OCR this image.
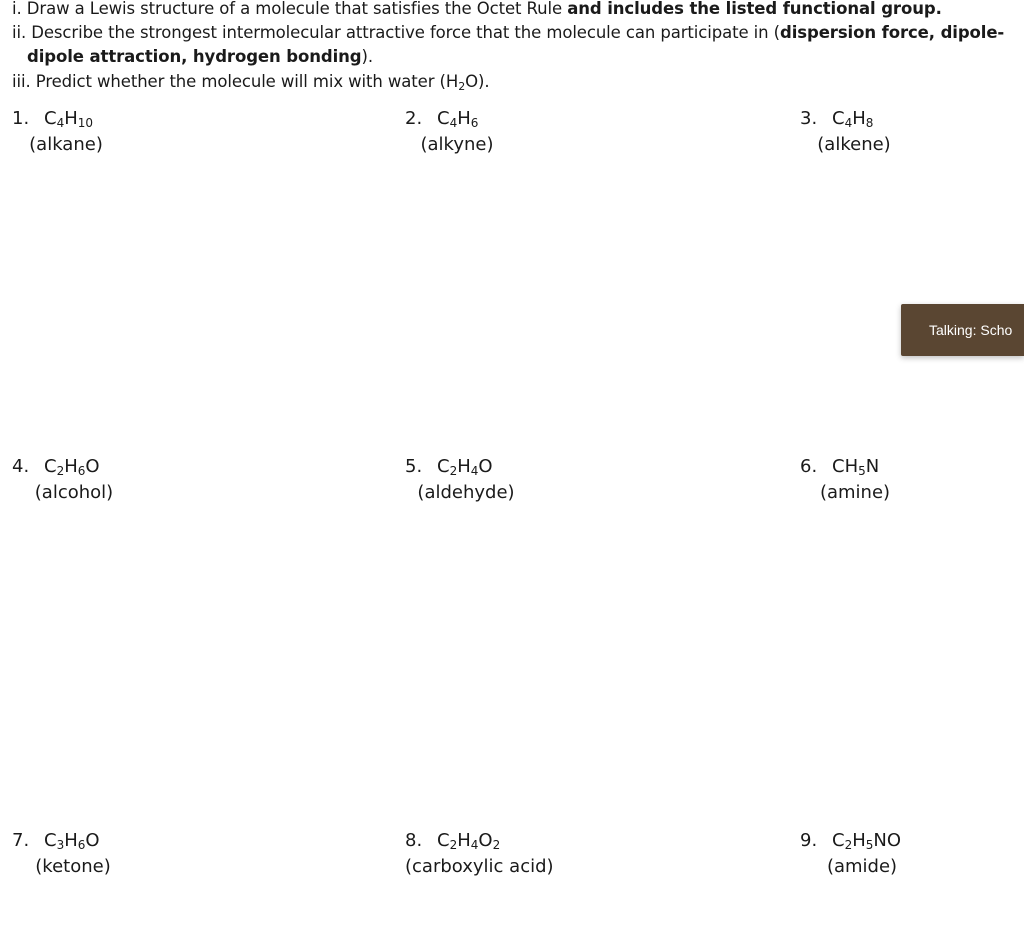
i. Draw a Lewis structure of a molecule that satisfies the Octet Rule and includes the listed functional group.
ii. Describe the strongest intermolecular attractive force that the molecule can participate in (dispersion force, dipole-
dipole attraction, hydrogen bonding).
iii. Predict whether the molecule will mix with water $(H_2O)$.
1. $C_4H_{10}$
(alkane)
2. $C_4H_6$
(alkyne)
3. $C_4H_8$
(alkene)
4. $C_2H_6O$
(alcohol)
5. $C_2H_4O$
(aldehyde)
6. $CH_5N$
(amine)
7. $C_3H_6O$
(ketone)
8. $C_2H_4O_2$
(carboxylic acid)
9. $C_2H_5NO$
(amide)
Talking: Scho
